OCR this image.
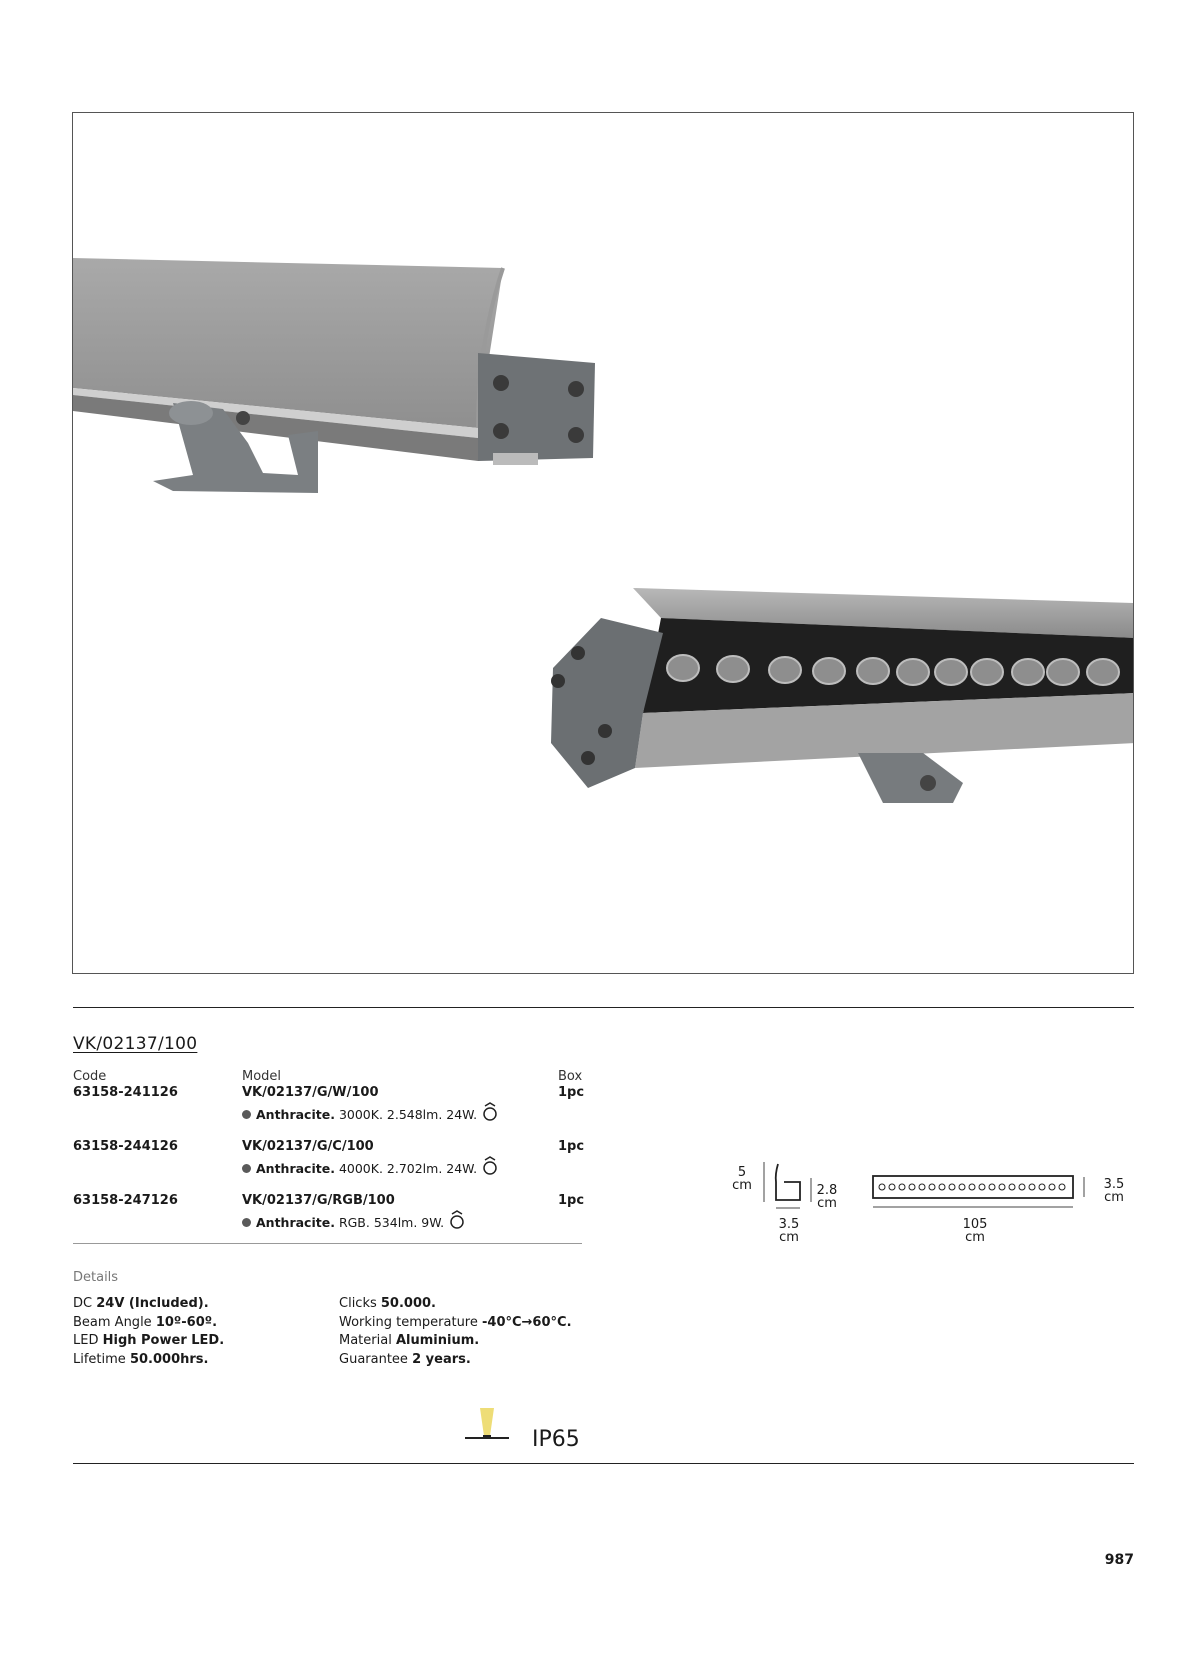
VK/02137/100
Code	Model	Box
63158-241126	VK/02137/G/W/100	1pc
Anthracite. 3000K. 2.548lm. 24W.
63158-244126	VK/02137/G/C/100	1pc
Anthracite. 4000K. 2.702lm. 24W.
63158-247126	VK/02137/G/RGB/100	1pc
Anthracite. RGB. 534lm. 9W.
Details
DC 24V (Included).
Beam Angle 10º-60º.
LED High Power LED.
Lifetime 50.000hrs.
Clicks 50.000.
Working temperature -40°C→60°C.
Material Aluminium.
Guarantee 2 years.
IP65
5
cm	2.8
cm
3.5
cm
3.5
cm
105
cm
987
